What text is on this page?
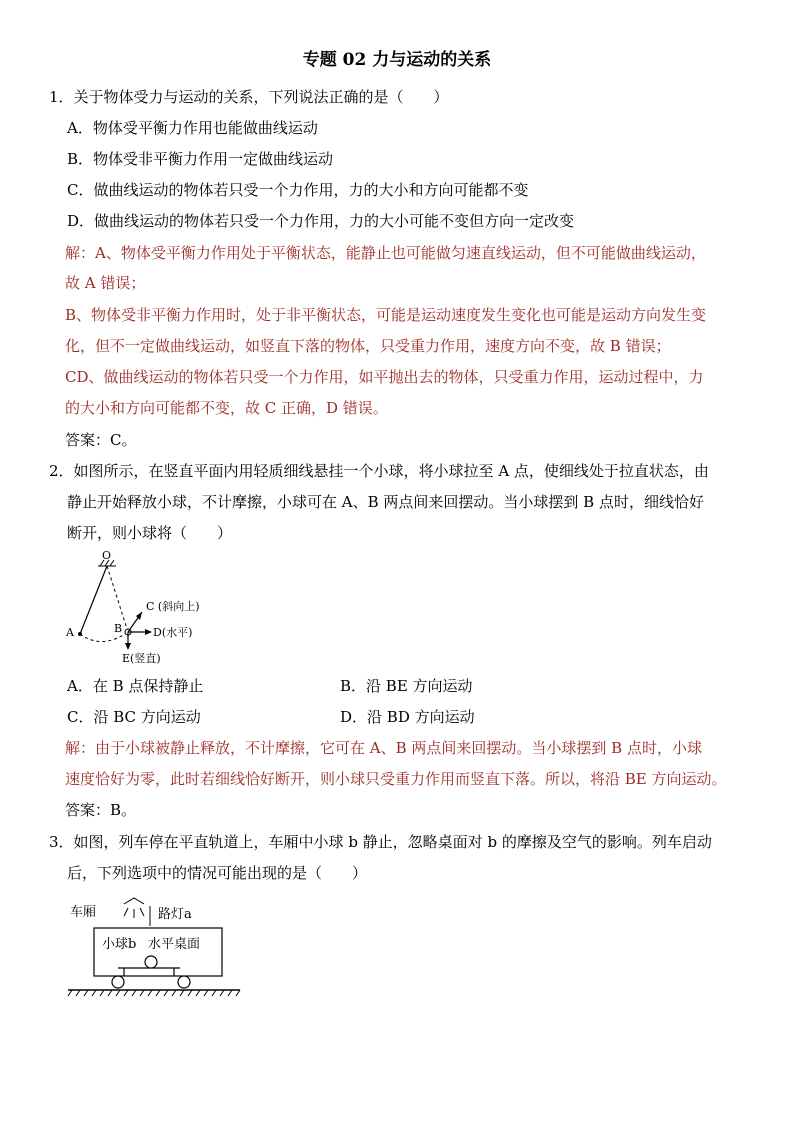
专题 02 力与运动的关系
1．关于物体受力与运动的关系，下列说法正确的是（　　）
A．物体受平衡力作用也能做曲线运动
B．物体受非平衡力作用一定做曲线运动
C．做曲线运动的物体若只受一个力作用，力的大小和方向可能都不变
D．做曲线运动的物体若只受一个力作用，力的大小可能不变但方向一定改变
解：A、物体受平衡力作用处于平衡状态，能静止也可能做匀速直线运动，但不可能做曲线运动，
故 A 错误；
B、物体受非平衡力作用时，处于非平衡状态，可能是运动速度发生变化也可能是运动方向发生变
化，但不一定做曲线运动，如竖直下落的物体，只受重力作用，速度方向不变，故 B 错误；
CD、做曲线运动的物体若只受一个力作用，如平抛出去的物体，只受重力作用，运动过程中，力
的大小和方向可能都不变，故 C 正确，D 错误。
答案：C。
2．如图所示，在竖直平面内用轻质细线悬挂一个小球，将小球拉至 A 点，使细线处于拉直状态，由
静止开始释放小球，不计摩擦，小球可在 A、B 两点间来回摆动。当小球摆到 B 点时，细线恰好
断开，则小球将（　　）
O
A	B
C (斜向上)
D(水平)
E(竖直)
A．在 B 点保持静止	B．沿 BE 方向运动
C．沿 BC 方向运动	D．沿 BD 方向运动
解：由于小球被静止释放，不计摩擦，它可在 A、B 两点间来回摆动。当小球摆到 B 点时，小球
速度恰好为零，此时若细线恰好断开，则小球只受重力作用而竖直下落。所以，将沿 BE 方向运动。
答案：B。
3．如图，列车停在平直轨道上，车厢中小球 b 静止，忽略桌面对 b 的摩擦及空气的影响。列车启动
后，下列选项中的情况可能出现的是（　　）
车厢	路灯a
小球b 水平桌面
